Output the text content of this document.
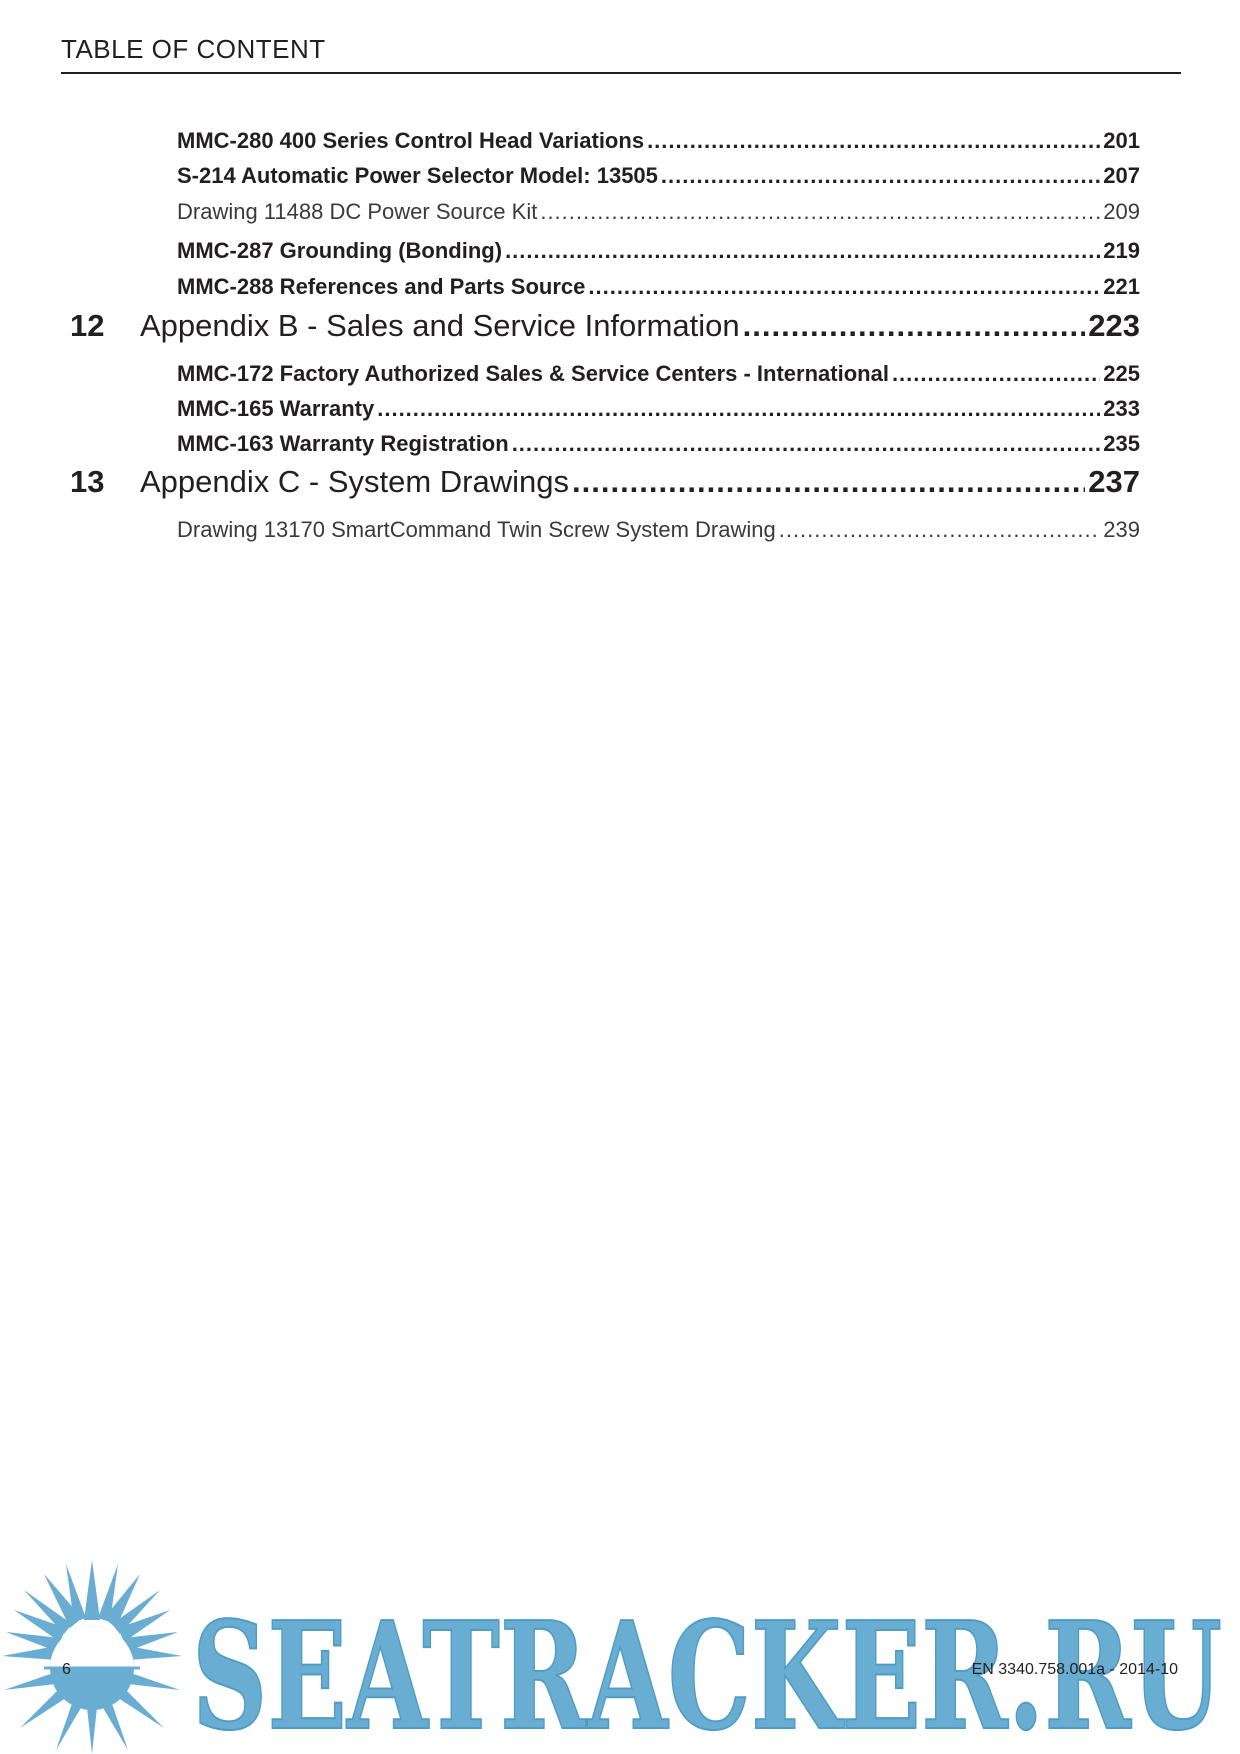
TABLE OF CONTENT
MMC-280 400 Series Control Head Variations .....	201
S-214 Automatic Power Selector Model: 13505 .....	207
Drawing 11488 DC Power Source Kit .....	209
MMC-287 Grounding (Bonding) .....	219
MMC-288 References and Parts Source .....	221
12	Appendix B - Sales and Service Information .....	223
MMC-172 Factory Authorized Sales & Service Centers - International .....	225
MMC-165 Warranty .....	233
MMC-163 Warranty Registration .....	235
13	Appendix C - System Drawings .....	237
Drawing 13170 SmartCommand Twin Screw System Drawing .....	239
SEATRACKER.RU
6	EN 3340.758.001a - 2014-10
